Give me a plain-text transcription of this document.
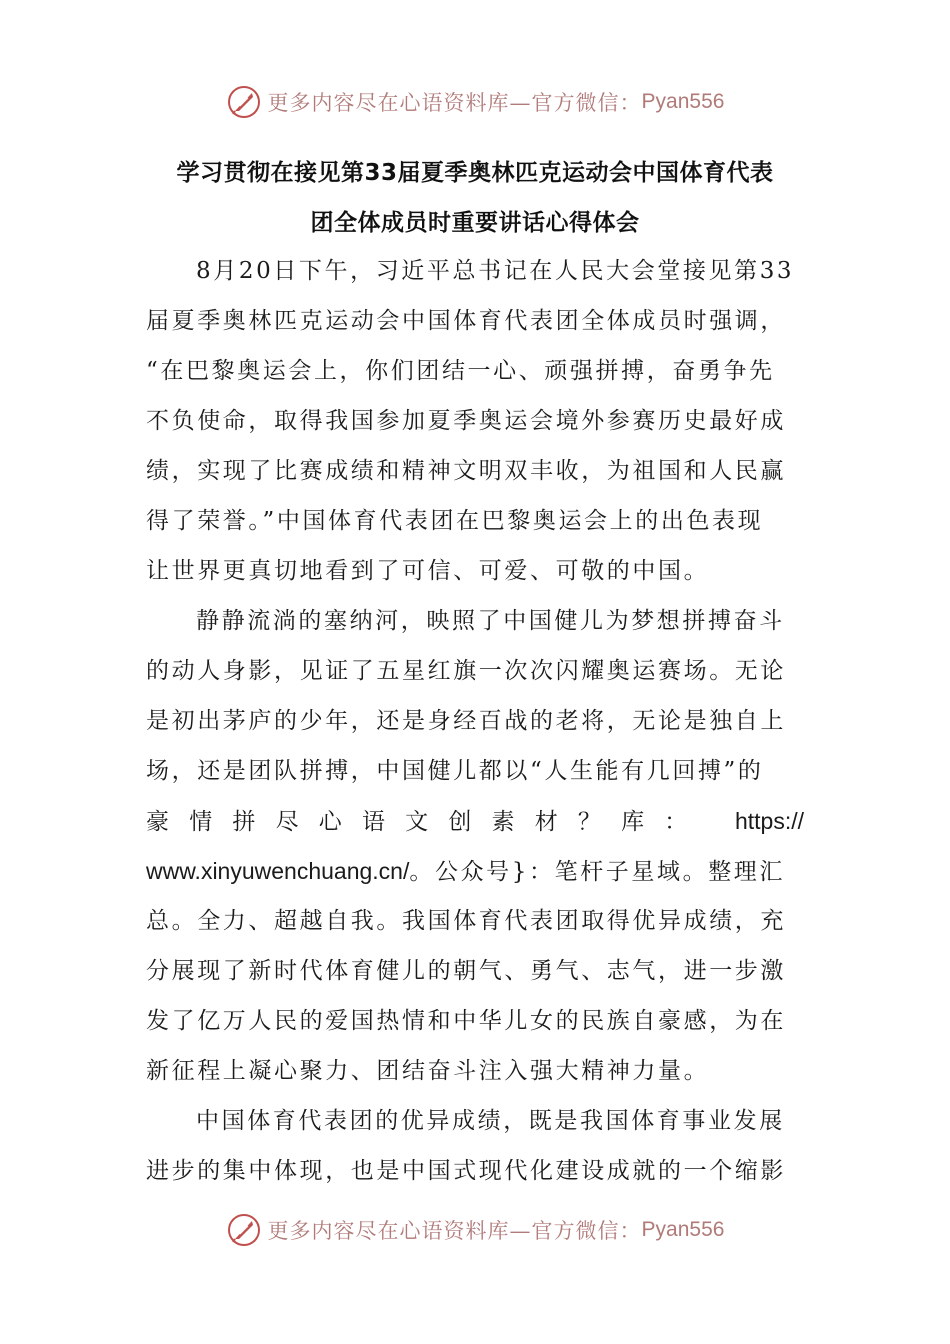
更多内容尽在心语资料库—官方微信： Pyan556
学习贯彻在接见第33届夏季奥林匹克运动会中国体育代表
团全体成员时重要讲话心得体会
8月20日下午，习近平总书记在人民大会堂接见第33
届夏季奥林匹克运动会中国体育代表团全体成员时强调，
“在巴黎奥运会上，你们团结一心、顽强拼搏，奋勇争先
不负使命，取得我国参加夏季奥运会境外参赛历史最好成
绩，实现了比赛成绩和精神文明双丰收，为祖国和人民赢
得了荣誉。”中国体育代表团在巴黎奥运会上的出色表现
让世界更真切地看到了可信、可爱、可敬的中国。
静静流淌的塞纳河，映照了中国健儿为梦想拼搏奋斗
的动人身影，见证了五星红旗一次次闪耀奥运赛场。无论
是初出茅庐的少年，还是身经百战的老将，无论是独自上
场，还是团队拼搏，中国健儿都以“人生能有几回搏”的
豪情拼尽心语文创素材？库： https://
www.xinyuwenchuang.cn/。公众号}：笔杆子星域。整理汇
总。全力、超越自我。我国体育代表团取得优异成绩，充
分展现了新时代体育健儿的朝气、勇气、志气，进一步激
发了亿万人民的爱国热情和中华儿女的民族自豪感，为在
新征程上凝心聚力、团结奋斗注入强大精神力量。
中国体育代表团的优异成绩，既是我国体育事业发展
进步的集中体现，也是中国式现代化建设成就的一个缩影
更多内容尽在心语资料库—官方微信： Pyan556
